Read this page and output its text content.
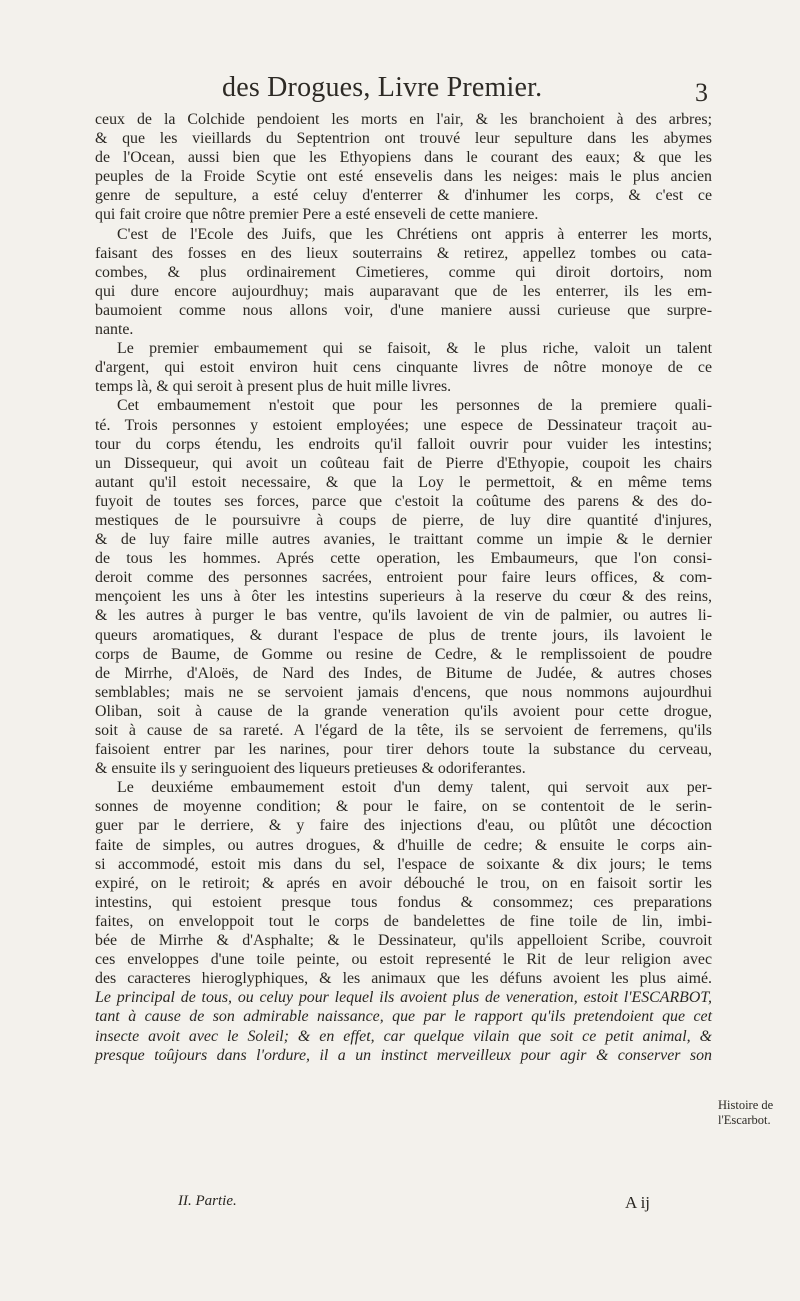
des Drogues, Livre Premier.	3
ceux de la Colchide pendoient les morts en l'air, & les branchoient à des arbres;
& que les vieillards du Septentrion ont trouvé leur sepulture dans les abymes
de l'Ocean, aussi bien que les Ethyopiens dans le courant des eaux; & que les
peuples de la Froide Scytie ont esté ensevelis dans les neiges: mais le plus ancien
genre de sepulture, a esté celuy d'enterrer & d'inhumer les corps, & c'est ce
qui fait croire que nôtre premier Pere a esté enseveli de cette maniere.
C'est de l'Ecole des Juifs, que les Chrétiens ont appris à enterrer les morts,
faisant des fosses en des lieux souterrains & retirez, appellez tombes ou cata-
combes, & plus ordinairement Cimetieres, comme qui diroit dortoirs, nom
qui dure encore aujourdhuy; mais auparavant que de les enterrer, ils les em-
baumoient comme nous allons voir, d'une maniere aussi curieuse que surpre-
nante.
Le premier embaumement qui se faisoit, & le plus riche, valoit un talent
d'argent, qui estoit environ huit cens cinquante livres de nôtre monoye de ce
temps là, & qui seroit à present plus de huit mille livres.
Cet embaumement n'estoit que pour les personnes de la premiere quali-
té. Trois personnes y estoient employées; une espece de Dessinateur traçoit au-
tour du corps étendu, les endroits qu'il falloit ouvrir pour vuider les intestins;
un Dissequeur, qui avoit un coûteau fait de Pierre d'Ethyopie, coupoit les chairs
autant qu'il estoit necessaire, & que la Loy le permettoit, & en même tems
fuyoit de toutes ses forces, parce que c'estoit la coûtume des parens & des do-
mestiques de le poursuivre à coups de pierre, de luy dire quantité d'injures,
& de luy faire mille autres avanies, le traittant comme un impie & le dernier
de tous les hommes. Aprés cette operation, les Embaumeurs, que l'on consi-
deroit comme des personnes sacrées, entroient pour faire leurs offices, & com-
mençoient les uns à ôter les intestins superieurs à la reserve du cœur & des reins,
& les autres à purger le bas ventre, qu'ils lavoient de vin de palmier, ou autres li-
queurs aromatiques, & durant l'espace de plus de trente jours, ils lavoient le
corps de Baume, de Gomme ou resine de Cedre, & le remplissoient de poudre
de Mirrhe, d'Aloës, de Nard des Indes, de Bitume de Judée, & autres choses
semblables; mais ne se servoient jamais d'encens, que nous nommons aujourdhui
Oliban, soit à cause de la grande veneration qu'ils avoient pour cette drogue,
soit à cause de sa rareté. A l'égard de la tête, ils se servoient de ferremens, qu'ils
faisoient entrer par les narines, pour tirer dehors toute la substance du cerveau,
& ensuite ils y seringuoient des liqueurs pretieuses & odoriferantes.
Le deuxiéme embaumement estoit d'un demy talent, qui servoit aux per-
sonnes de moyenne condition; & pour le faire, on se contentoit de le serin-
guer par le derriere, & y faire des injections d'eau, ou plûtôt une décoction
faite de simples, ou autres drogues, & d'huille de cedre; & ensuite le corps ain-
si accommodé, estoit mis dans du sel, l'espace de soixante & dix jours; le tems
expiré, on le retiroit; & aprés en avoir débouché le trou, on en faisoit sortir les
intestins, qui estoient presque tous fondus & consommez; ces preparations
faites, on enveloppoit tout le corps de bandelettes de fine toile de lin, imbi-
bée de Mirrhe & d'Asphalte; & le Dessinateur, qu'ils appelloient Scribe, couvroit
ces enveloppes d'une toile peinte, ou estoit representé le Rit de leur religion avec
des caracteres hieroglyphiques, & les animaux que les défuns avoient les plus aimé.
Le principal de tous, ou celuy pour lequel ils avoient plus de veneration, estoit l'ESCARBOT,
tant à cause de son admirable naissance, que par le rapport qu'ils pretendoient que cet
insecte avoit avec le Soleil; & en effet, car quelque vilain que soit ce petit animal, &
presque toûjours dans l'ordure, il a un instinct merveilleux pour agir & conserver son
Histoire de
l'Escarbot.
II. Partie.	A ij
